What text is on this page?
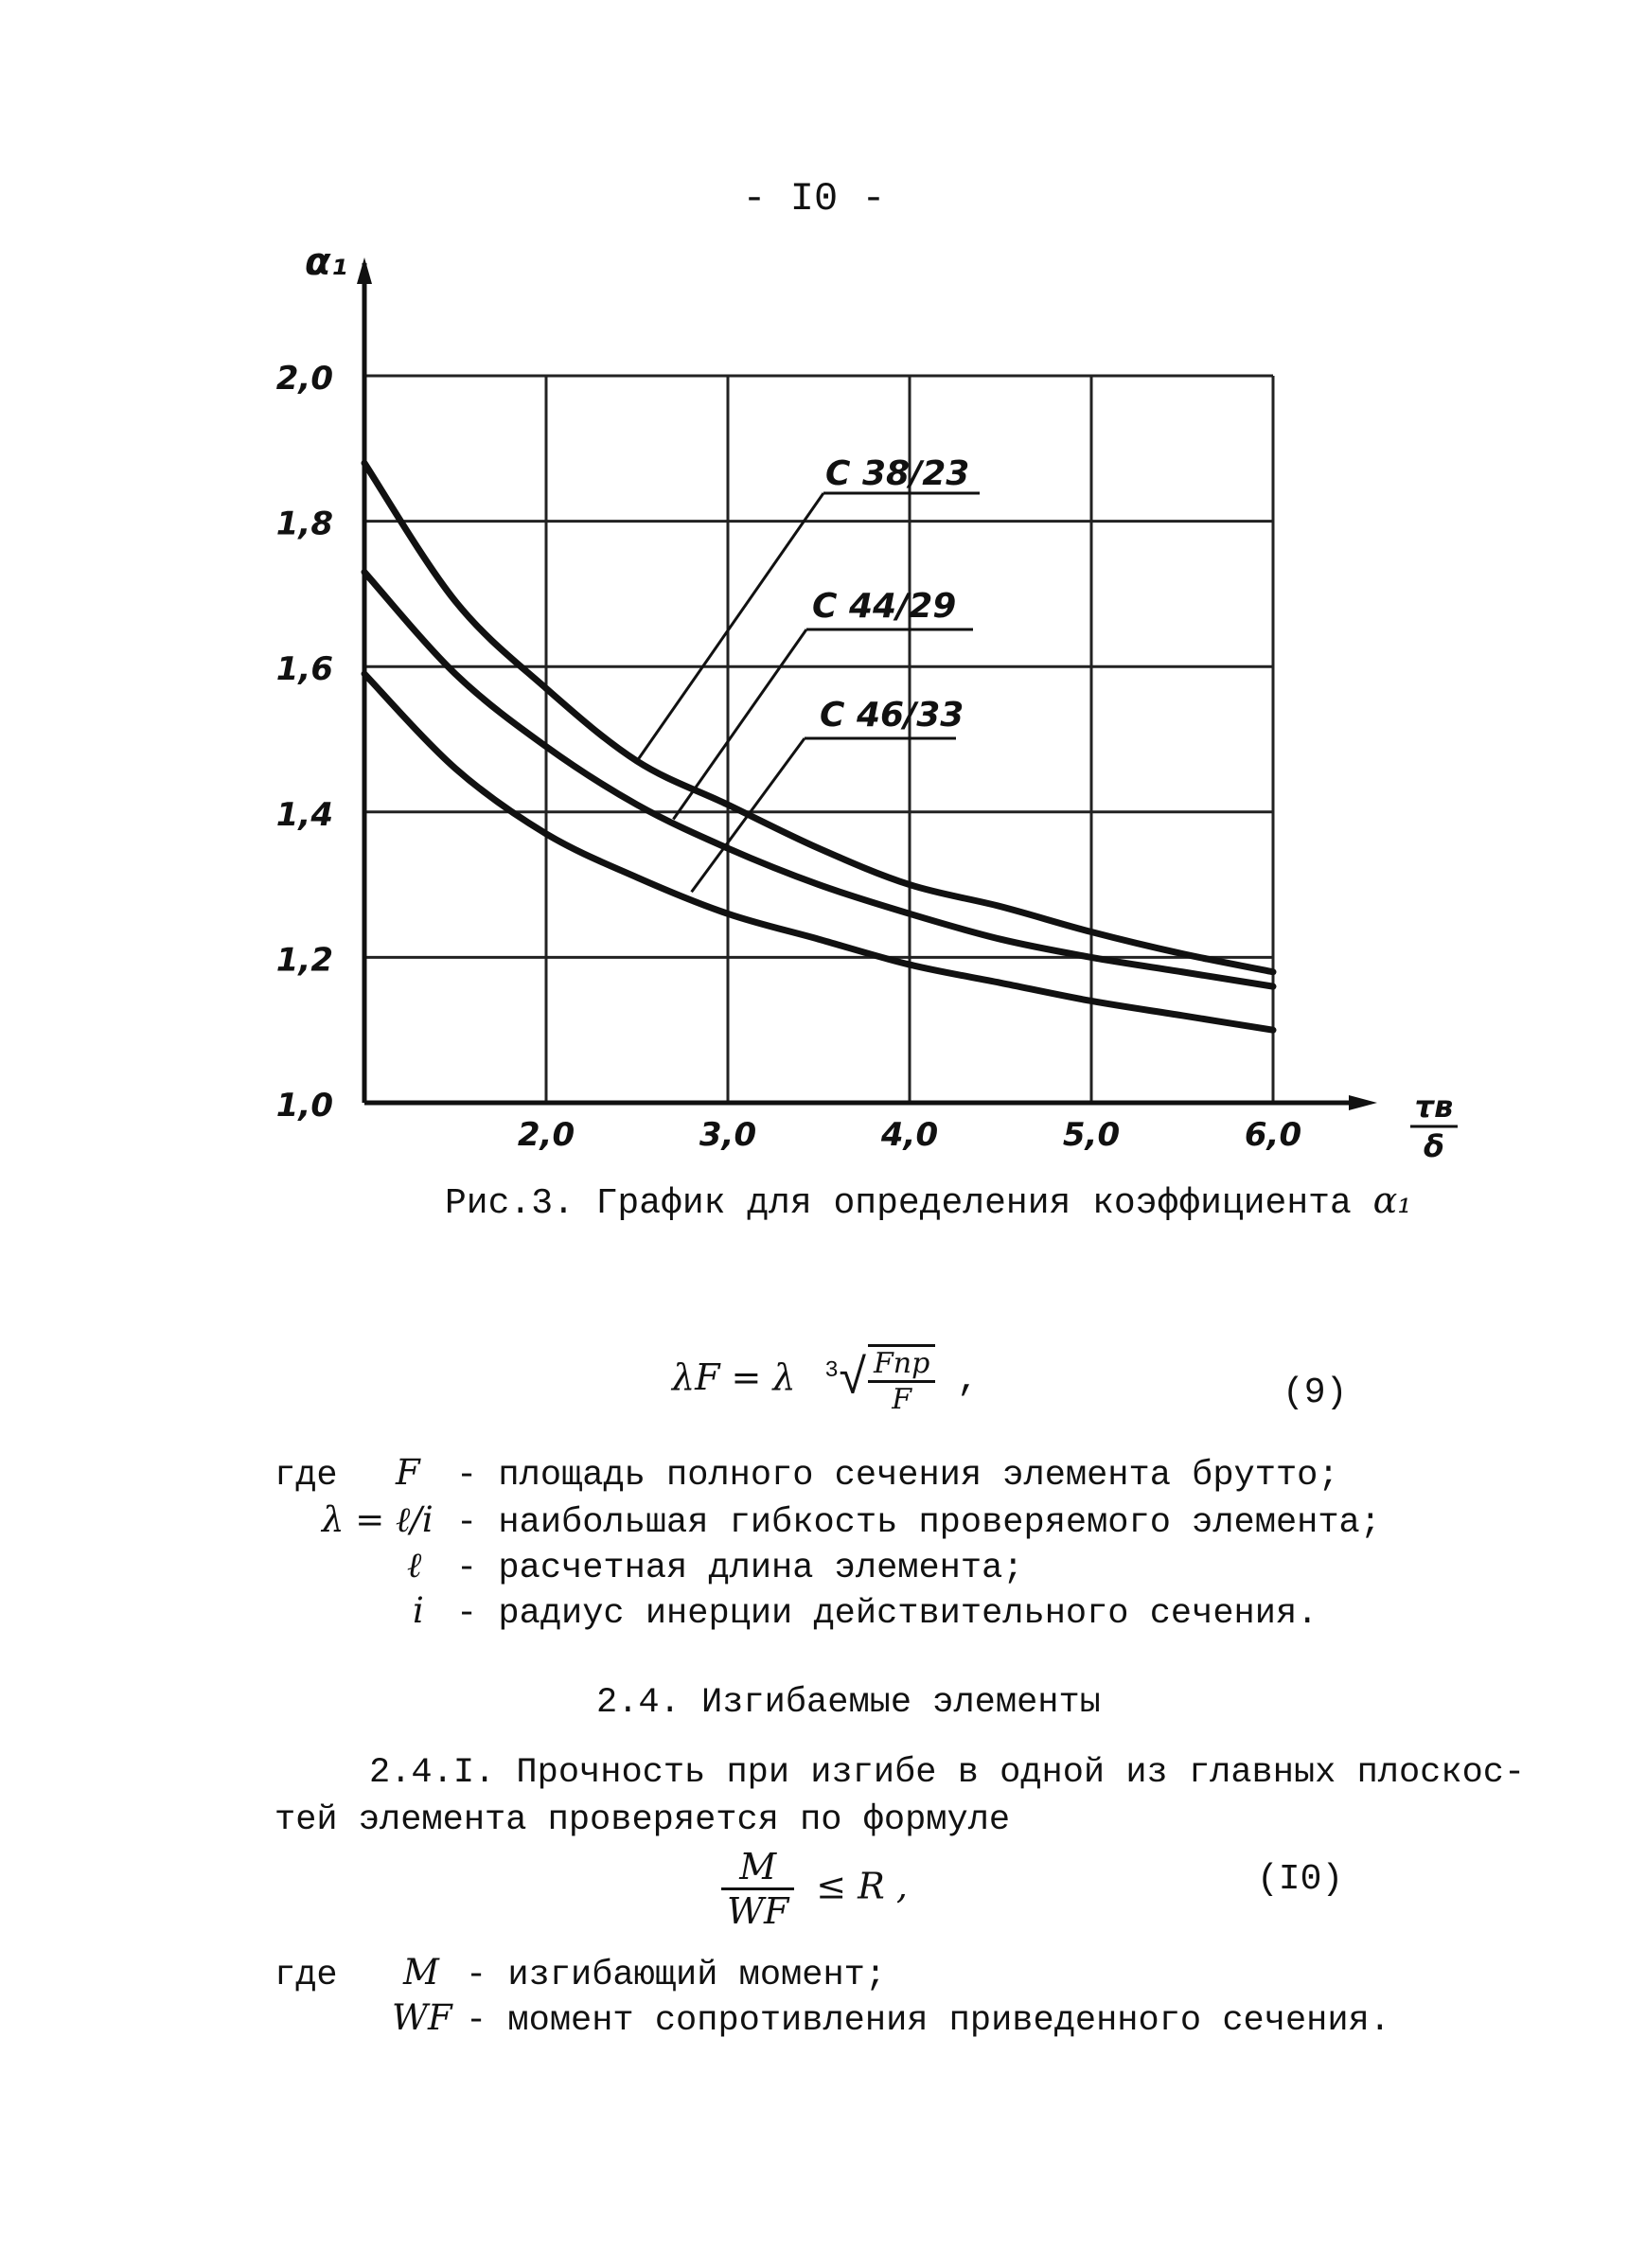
- I0 -
1,0
1,2
1,4
1,6
1,8
2,0
2,0	3,0	4,0	5,0	6,0
α₁
τв
δ
С 38/23
С 44/29
С 46/33
Рис.3. График для определения коэффициента α₁
λF = λ $^3√ \frac{\text{Fпр}}{F}$ ,	(9)
где F - площадь полного сечения элемента брутто;
λ = ℓ/i - наибольшая гибкость проверяемого элемента;
ℓ - расчетная длина элемента;
i - радиус инерции действительного сечения.
2.4. Изгибаемые элементы
2.4.I. Прочность при изгибе в одной из главных плоскос-
тей элемента проверяется по формуле
$\frac{M}{WF} \le R$ ,	(I0)
где M - изгибающий момент;
WF - момент сопротивления приведенного сечения.
